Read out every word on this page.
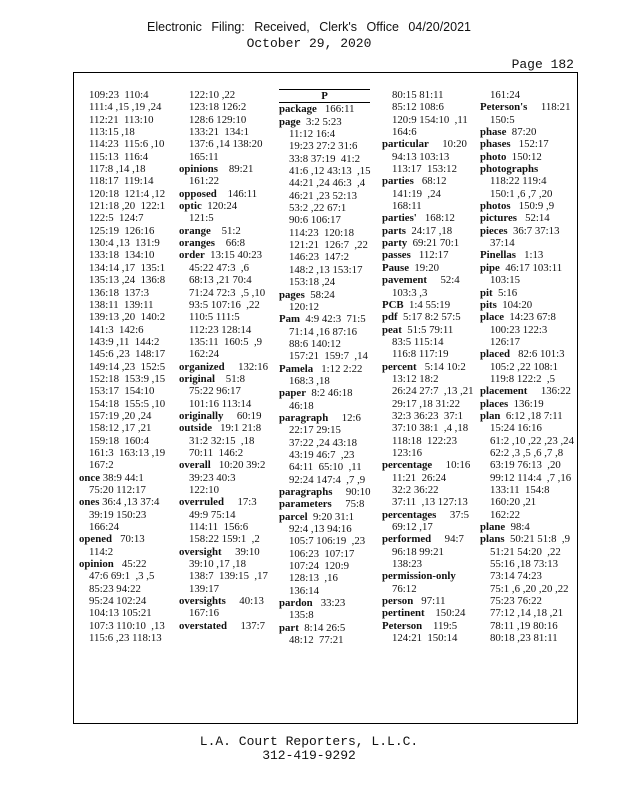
Electronic Filing: Received, Clerk's Office 04/20/2021
October 29, 2020
Page 182
109:23  110:4
111:4 ,15 ,19 ,24
112:21  113:10
113:15 ,18
114:23  115:6 ,10
115:13  116:4
117:8 ,14 ,18
118:17  119:14
120:18  121:4 ,12
121:18 ,20  122:1
122:5  124:7
125:19  126:16
130:4 ,13  131:9
133:18  134:10
134:14 ,17  135:1
135:13 ,24  136:8
136:18  137:3
138:11  139:11
139:13 ,20  140:2
141:3  142:6
143:9 ,11  144:2
145:6 ,23  148:17
149:14 ,23  152:5
152:18  153:9 ,15
153:17  154:10
154:18  155:5 ,10
157:19 ,20 ,24
158:12 ,17 ,21
159:18  160:4
161:3  163:13 ,19
167:2
once 38:9 44:1
75:20 112:17
ones 36:4 ,13 37:4
39:19 150:23
166:24
opened   70:13
114:2
opinion   45:22
47:6 69:1  ,3 ,5
85:23 94:22
95:24 102:24
104:13 105:21
107:3 110:10  ,13
115:6 ,23 118:13
122:10 ,22
123:18 126:2
128:6 129:10
133:21  134:1
137:6 ,14 138:20
165:11
opinions    89:21
161:22
opposed    146:11
optic  120:24
121:5
orange    51:2
oranges    66:8
order  13:15 40:23
45:22 47:3  ,6
68:13 ,21 70:4
71:24 72:3  ,5 ,10
93:5 107:16  ,22
110:5 111:5
112:23 128:14
135:11  160:5  ,9
162:24
organized     132:16
original    51:8
75:22 96:17
101:16 113:14
originally     60:19
outside   19:1 21:8
31:2 32:15  ,18
70:11  146:2
overall   10:20 39:2
39:23 40:3
122:10
overruled     17:3
49:9 75:14
114:11  156:6
158:22 159:1  ,2
oversight     39:10
39:10 ,17 ,18
138:7  139:15  ,17
139:17
oversights     40:13
167:16
overstated     137:7
P
package   166:11
page  3:2 5:23
11:12 16:4
19:23 27:2 31:6
33:8 37:19  41:2
41:6 ,12 43:13  ,15
44:21 ,24 46:3  ,4
46:21 ,23 52:13
53:2 ,22 67:1
90:6 106:17
114:23  120:18
121:21  126:7  ,22
146:23  147:2
148:2 ,13 153:17
153:18 ,24
pages  58:24
120:12
Pam  4:9 42:3  71:5
71:14 ,16 87:16
88:6 140:12
157:21  159:7  ,14
Pamela   1:12 2:22
168:3 ,18
paper  8:2 46:18
46:18
paragraph     12:6
22:17 29:15
37:22 ,24 43:18
43:19 46:7  ,23
64:11  65:10  ,11
92:24 147:4  ,7 ,9
paragraphs     90:10
parameters     75:8
parcel  9:20 31:1
92:4 ,13 94:16
105:7 106:19  ,23
106:23  107:17
107:24  120:9
128:13  ,16
136:14
pardon   33:23
135:8
part  8:14 26:5
48:12  77:21
80:15 81:11
85:12 108:6
120:9 154:10  ,11
164:6
particular     10:20
94:13 103:13
113:17  153:12
parties   68:12
141:19  ,24
168:11
parties'   168:12
parts  24:17 ,18
party  69:21 70:1
passes   112:17
Pause  19:20
pavement     52:4
103:3 ,3
PCB  1:4 55:19
pdf  5:17 8:2 57:5
peat  51:5 79:11
83:5 115:14
116:8 117:19
percent   5:14 10:2
13:12 18:2
26:24 27:7  ,13 ,21
29:17 ,18 31:22
32:3 36:23  37:1
37:10 38:1  ,4 ,18
118:18  122:23
123:16
percentage     10:16
11:21  26:24
32:2 36:22
37:11  ,13 127:13
percentages     37:5
69:12 ,17
performed     94:7
96:18 99:21
138:23
permission-only
76:12
person   97:11
pertinent    150:24
Peterson    119:5
124:21  150:14
161:24
Peterson's     118:21
150:5
phase  87:20
phases   152:17
photo  150:12
photographs
118:22 119:4
150:1 ,6 ,7 ,20
photos   150:9 ,9
pictures   52:14
pieces  36:7 37:13
37:14
Pinellas   1:13
pipe  46:17 103:11
103:15
pit  5:16
pits  104:20
place  14:23 67:8
100:23 122:3
126:17
placed   82:6 101:3
105:2 ,22 108:1
119:8 122:2  ,5
placement     136:22
places  136:19
plan  6:12 ,18 7:11
15:24 16:16
61:2 ,10 ,22 ,23 ,24
62:2 ,3 ,5 ,6 ,7 ,8
63:19 76:13  ,20
99:12 114:4  ,7 ,16
133:11  154:8
160:20 ,21
162:22
plane  98:4
plans  50:21 51:8  ,9
51:21 54:20  ,22
55:16 ,18 73:13
73:14 74:23
75:1 ,6 ,20 ,20 ,22
75:23 76:22
77:12 ,14 ,18 ,21
78:11 ,19 80:16
80:18 ,23 81:11
L.A. Court Reporters, L.L.C.
312-419-9292
